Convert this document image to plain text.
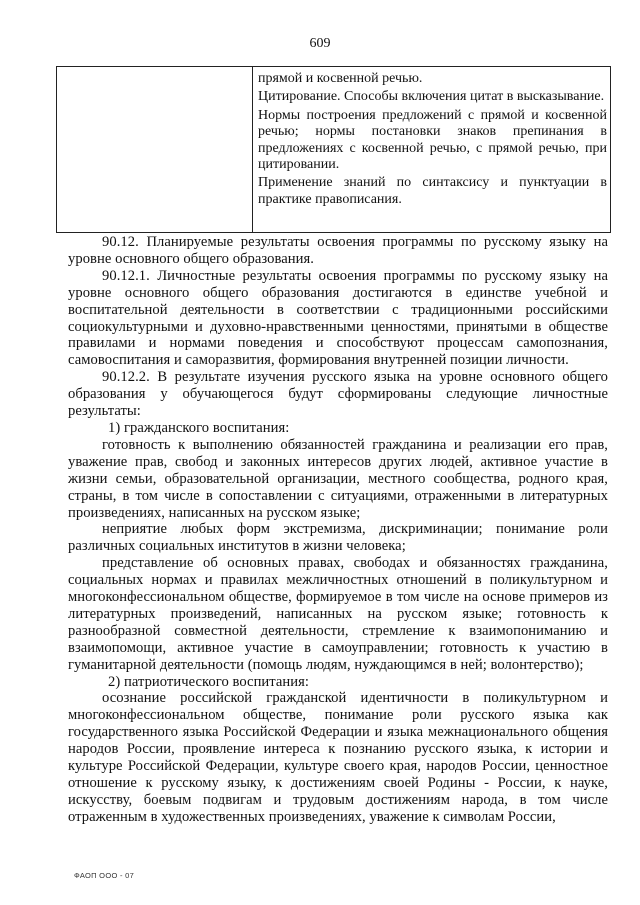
609

прямой и косвенной речью.

Цитирование. Способы включения цитат в высказывание.

Нормы построения предложений с прямой и косвенной речью; нормы постановки знаков препинания в предложениях с косвенной речью, с прямой речью, при цитировании.

Применение знаний по синтаксису и пунктуации в практике правописания.

90.12. Планируемые результаты освоения программы по русскому языку на уровне основного общего образования.

90.12.1. Личностные результаты освоения программы по русскому языку на уровне основного общего образования достигаются в единстве учебной и воспитательной деятельности в соответствии с традиционными российскими социокультурными и духовно-нравственными ценностями, принятыми в обществе правилами и нормами поведения и способствуют процессам самопознания, самовоспитания и саморазвития, формирования внутренней позиции личности.

90.12.2. В результате изучения русского языка на уровне основного общего образования у обучающегося будут сформированы следующие личностные результаты:

1) гражданского воспитания:

готовность к выполнению обязанностей гражданина и реализации его прав, уважение прав, свобод и законных интересов других людей, активное участие в жизни семьи, образовательной организации, местного сообщества, родного края, страны, в том числе в сопоставлении с ситуациями, отраженными в литературных произведениях, написанных на русском языке;

неприятие любых форм экстремизма, дискриминации; понимание роли различных социальных институтов в жизни человека;

представление об основных правах, свободах и обязанностях гражданина, социальных нормах и правилах межличностных отношений в поликультурном и многоконфессиональном обществе, формируемое в том числе на основе примеров из литературных произведений, написанных на русском языке; готовность к разнообразной совместной деятельности, стремление к взаимопониманию и взаимопомощи, активное участие в самоуправлении; готовность к участию в гуманитарной деятельности (помощь людям, нуждающимся в ней; волонтерство);

2) патриотического воспитания:

осознание российской гражданской идентичности в поликультурном и многоконфессиональном обществе, понимание роли русского языка как государственного языка Российской Федерации и языка межнационального общения народов России, проявление интереса к познанию русского языка, к истории и культуре Российской Федерации, культуре своего края, народов России, ценностное отношение к русскому языку, к достижениям своей Родины - России, к науке, искусству, боевым подвигам и трудовым достижениям народа, в том числе отраженным в художественных произведениях, уважение к символам России,

ФАОП ООО - 07
